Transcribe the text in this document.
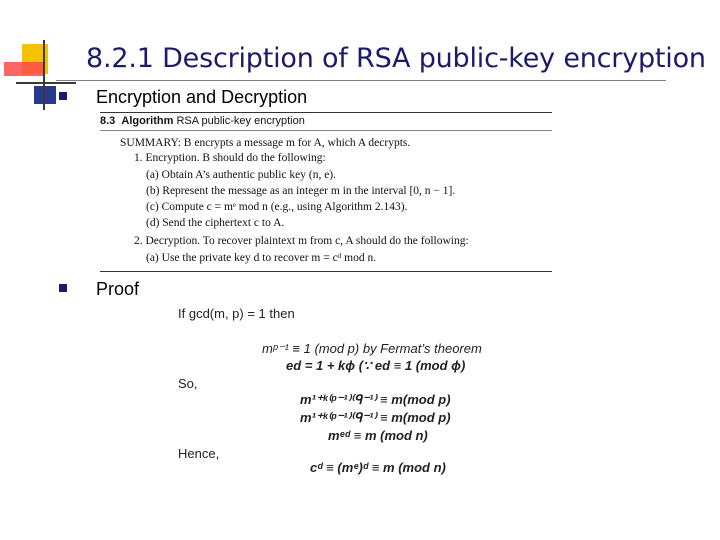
8.2.1 Description of RSA public-key encryption
Encryption and Decryption
8.3 Algorithm RSA public-key encryption
SUMMARY: B encrypts a message m for A, which A decrypts.
1. Encryption. B should do the following:
(a) Obtain A’s authentic public key (n, e).
(b) Represent the message as an integer m in the interval [0, n − 1].
(c) Compute c = mᵉ mod n (e.g., using Algorithm 2.143).
(d) Send the ciphertext c to A.
2. Decryption. To recover plaintext m from c, A should do the following:
(a) Use the private key d to recover m = cᵈ mod n.
Proof
If gcd(m, p) = 1 then
mᵖ⁻¹ ≡ 1 (mod p) by Fermat’s theorem
ed = 1 + kϕ (∵ ed ≡ 1 (mod ϕ)
So,
m¹⁺ᵏ⁽ᵖ⁻¹⁾⁽ᑫ⁻¹⁾ ≡ m(mod p)
m¹⁺ᵏ⁽ᵖ⁻¹⁾⁽ᑫ⁻¹⁾ ≡ m(mod p)
mᵉᵈ ≡ m (mod n)
Hence,
cᵈ ≡ (mᵉ)ᵈ ≡ m (mod n)
